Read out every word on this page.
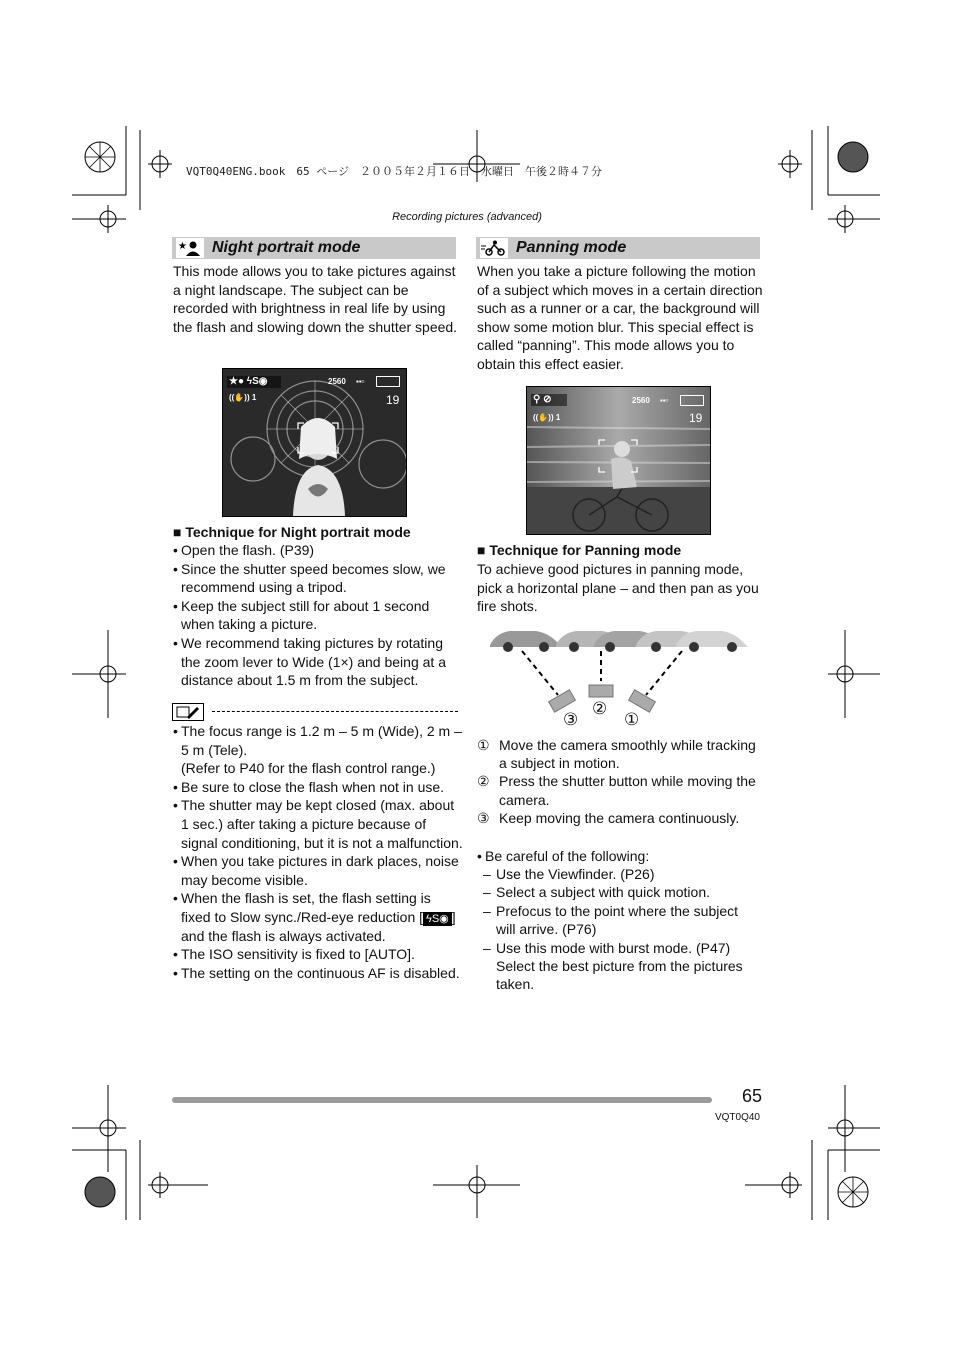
VQT0Q40ENG.book　65 ページ　２００５年２月１６日　水曜日　午後２時４７分
Recording pictures (advanced)
★ Night portrait mode
This mode allows you to take pictures against a night landscape. The subject can be recorded with brightness in real life by using the flash and slowing down the shutter speed.
★● ϟS◉	2560 ▪▪▫
((✋)) 1	19
■ Technique for Night portrait mode
• Open the flash. (P39)
• Since the shutter speed becomes slow, we recommend using a tripod.
• Keep the subject still for about 1 second when taking a picture.
• We recommend taking pictures by rotating the zoom lever to Wide (1×) and being at a distance about 1.5 m from the subject.
• The focus range is 1.2 m – 5 m (Wide), 2 m – 5 m (Tele).
(Refer to P40 for the flash control range.)
• Be sure to close the flash when not in use.
• The shutter may be kept closed (max. about 1 sec.) after taking a picture because of signal conditioning, but it is not a malfunction.
• When you take pictures in dark places, noise may become visible.
• When the flash is set, the flash setting is fixed to Slow sync./Red-eye reduction [ ϟS◉ ] and the flash is always activated.
• The ISO sensitivity is fixed to [AUTO].
• The setting on the continuous AF is disabled.
Panning mode
When you take a picture following the motion of a subject which moves in a certain direction such as a runner or a car, the background will show some motion blur. This special effect is called “panning”. This mode allows you to obtain this effect easier.
⚲ ⊘	2560 ▪▪▫
((✋)) 1	19
■ Technique for Panning mode
To achieve good pictures in panning mode, pick a horizontal plane – and then pan as you fire shots.
③
②
①
① Move the camera smoothly while tracking a subject in motion.
② Press the shutter button while moving the camera.
③ Keep moving the camera continuously.
• Be careful of the following:
– Use the Viewfinder. (P26)
– Select a subject with quick motion.
– Prefocus to the point where the subject will arrive. (P76)
– Use this mode with burst mode. (P47) Select the best picture from the pictures taken.
65
VQT0Q40
